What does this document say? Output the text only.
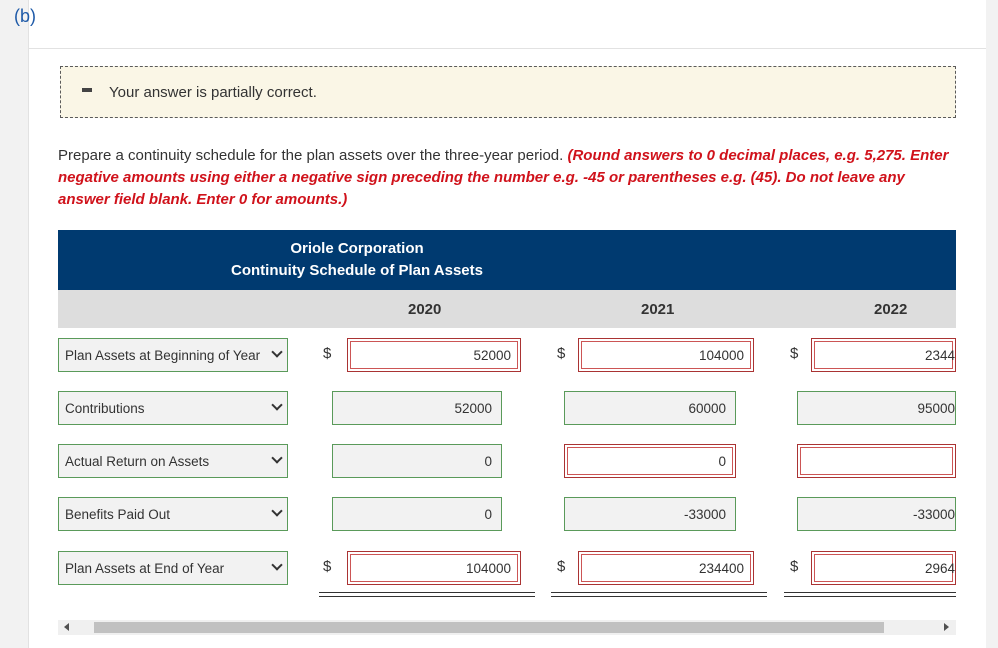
(b)
Your answer is partially correct.
Prepare a continuity schedule for the plan assets over the three-year period. (Round answers to 0 decimal places, e.g. 5,275. Enter negative amounts using either a negative sign preceding the number e.g. -45 or parentheses e.g. (45). Do not leave any answer field blank. Enter 0 for amounts.)
Oriole Corporation
Continuity Schedule of Plan Assets
2020	2021	2022
Plan Assets at Beginning of Year	$	52000	$	104000	$	2344
Contributions	52000	60000	95000
Actual Return on Assets	0	0
Benefits Paid Out	0	-33000	-33000
Plan Assets at End of Year	$	104000	$	234400	$	2964
